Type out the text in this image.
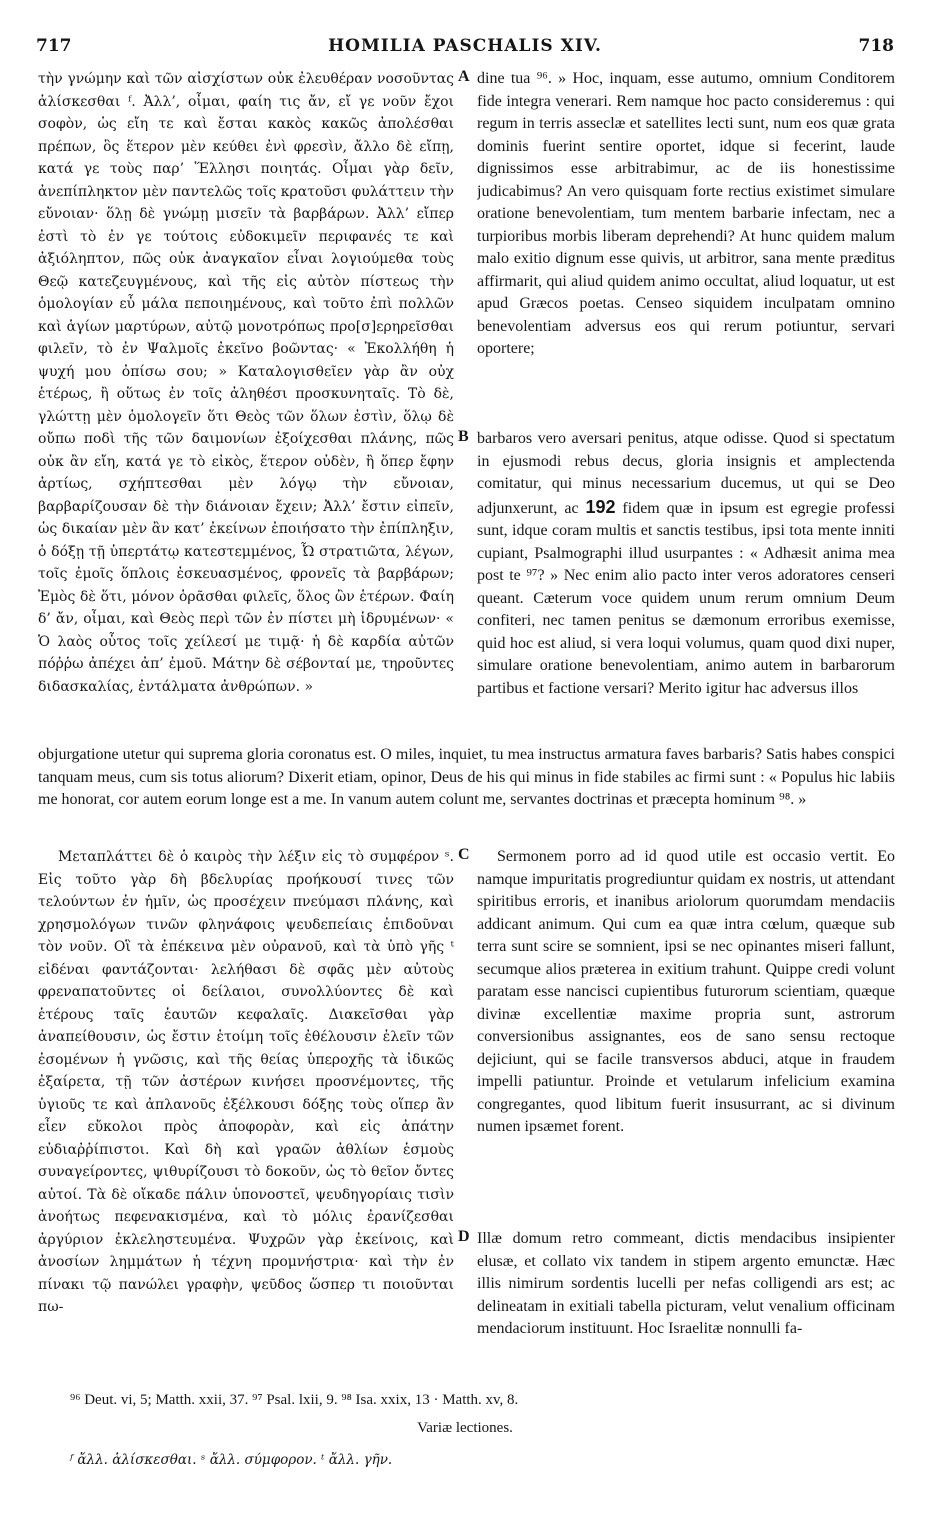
717	HOMILIA PASCHALIS XIV.	718

τὴν γνώμην καὶ τῶν αἰσχίστων οὐκ ἐλευθέραν νοσοῦντας ἁλίσκεσθαι ᶠ. Ἀλλ’, οἶμαι, φαίη τις ἄν, εἴ γε νοῦν ἔχοι σοφὸν, ὡς εἴη τε καὶ ἔσται κακὸς κακῶς ἀπολέσθαι πρέπων, ὃς ἕτερον μὲν κεύθει ἐνὶ φρεσὶν, ἄλλο δὲ εἴπῃ, κατά γε τοὺς παρ’ Ἕλλησι ποιητάς. Οἶμαι γὰρ δεῖν, ἀνεπίπληκτον μὲν παντελῶς τοῖς κρατοῦσι φυλάττειν τὴν εὔνοιαν· ὅλῃ δὲ γνώμῃ μισεῖν τὰ βαρβάρων. Ἀλλ’ εἴπερ ἐστὶ τὸ ἐν γε τούτοις εὐδοκιμεῖν περιφανές τε καὶ ἀξιόληπτον, πῶς οὐκ ἀναγκαῖον εἶναι λογιούμεθα τοὺς Θεῷ κατεζευγμένους, καὶ τῆς εἰς αὐτὸν πίστεως τὴν ὁμολογίαν εὖ μάλα πεποιημένους, καὶ τοῦτο ἐπὶ πολλῶν καὶ ἁγίων μαρτύρων, αὐτῷ μονοτρόπως προ[σ]ερηρεῖσθαι φιλεῖν, τὸ ἐν Ψαλμοῖς ἐκεῖνο βοῶντας· « Ἐκολλήθη ἡ ψυχή μου ὀπίσω σου; » Καταλογισθεῖεν γὰρ ἂν οὐχ ἑτέρως, ἢ οὕτως ἐν τοῖς ἀληθέσι προσκυνηταῖς. Τὸ δὲ, γλώττῃ μὲν ὁμολογεῖν ὅτι Θεὸς τῶν ὅλων ἐστὶν, ὅλῳ δὲ οὔπω ποδὶ τῆς τῶν δαιμονίων ἐξοίχεσθαι πλάνης, πῶς οὐκ ἂν εἴη, κατά γε τὸ εἰκὸς, ἕτερον οὐδὲν, ἢ ὅπερ ἔφην ἀρτίως, σχήπτεσθαι μὲν λόγῳ τὴν εὔνοιαν, βαρβαρίζουσαν δὲ τὴν διάνοιαν ἔχειν; Ἀλλ’ ἔστιν εἰπεῖν, ὡς δικαίαν μὲν ἂν κατ’ ἐκείνων ἐποιήσατο τὴν ἐπίπληξιν, ὁ δόξῃ τῇ ὑπερτάτῳ κατεστεμμένος, Ὦ στρατιῶτα, λέγων, τοῖς ἐμοῖς ὅπλοις ἐσκευασμένος, φρονεῖς τὰ βαρβάρων; Ἐμὸς δὲ ὅτι, μόνον ὁρᾶσθαι φιλεῖς, ὅλος ὢν ἑτέρων. Φαίη δ’ ἄν, οἶμαι, καὶ Θεὸς περὶ τῶν ἐν πίστει μὴ ἱδρυμένων· « Ὁ λαὸς οὗτος τοῖς χείλεσί με τιμᾷ· ἡ δὲ καρδία αὐτῶν πόῤῥω ἀπέχει ἀπ’ ἐμοῦ. Μάτην δὲ σέβονταί με, τηροῦντες διδασκαλίας, ἐντάλματα ἀνθρώπων. »

A
B

dine tua ⁹⁶. » Hoc, inquam, esse autumo, omnium Conditorem fide integra venerari. Rem namque hoc pacto consideremus : qui regum in terris asseclæ et satellites lecti sunt, num eos quæ grata dominis fuerint sentire oportet, idque si fecerint, laude dignissimos esse arbitrabimur, ac de iis honestissime judicabimus? An vero quisquam forte rectius existimet simulare oratione benevolentiam, tum mentem barbarie infectam, nec a turpioribus morbis liberam deprehendi? At hunc quidem malum malo exitio dignum esse quivis, ut arbitror, sana mente præditus affirmarit, qui aliud quidem animo occultat, aliud loquatur, ut est apud Græcos poetas. Censeo siquidem inculpatam omnino benevolentiam adversus eos qui rerum potiuntur, servari oportere;

barbaros vero aversari penitus, atque odisse. Quod si spectatum in ejusmodi rebus decus, gloria insignis et amplectenda comitatur, qui minus necessarium ducemus, ut qui se Deo adjunxerunt, ac 192 fidem quæ in ipsum est egregie professi sunt, idque coram multis et sanctis testibus, ipsi tota mente inniti cupiant, Psalmographi illud usurpantes : « Adhæsit anima mea post te ⁹⁷? » Nec enim alio pacto inter veros adoratores censeri queant. Cæterum voce quidem unum rerum omnium Deum confiteri, nec tamen penitus se dæmonum erroribus exemisse, quid hoc est aliud, si vera loqui volumus, quam quod dixi nuper, simulare oratione benevolentiam, animo autem in barbarorum partibus et factione versari? Merito igitur hac adversus illos

objurgatione utetur qui suprema gloria coronatus est. O miles, inquiet, tu mea instructus armatura faves barbaris? Satis habes conspici tanquam meus, cum sis totus aliorum? Dixerit etiam, opinor, Deus de his qui minus in fide stabiles ac firmi sunt : « Populus hic labiis me honorat, cor autem eorum longe est a me. In vanum autem colunt me, servantes doctrinas et præcepta hominum ⁹⁸. »

Μεταπλάττει δὲ ὁ καιρὸς τὴν λέξιν εἰς τὸ συμφέρον ˢ. Εἰς τοῦτο γὰρ δὴ βδελυρίας προήκουσί τινες τῶν τελούντων ἐν ἡμῖν, ὡς προσέχειν πνεύμασι πλάνης, καὶ χρησμολόγων τινῶν φληνάφοις ψευδεπείαις ἐπιδοῦναι τὸν νοῦν. Οἳ τὰ ἐπέκεινα μὲν οὐρανοῦ, καὶ τὰ ὑπὸ γῆς ᵗ εἰδέναι φαντάζονται· λελήθασι δὲ σφᾶς μὲν αὐτοὺς φρεναπατοῦντες οἱ δείλαιοι, συνολλύοντες δὲ καὶ ἑτέρους ταῖς ἑαυτῶν κεφαλαῖς. Διακεῖσθαι γὰρ ἀναπείθουσιν, ὡς ἔστιν ἑτοίμη τοῖς ἐθέλουσιν ἑλεῖν τῶν ἐσομένων ἡ γνῶσις, καὶ τῆς θείας ὑπεροχῆς τὰ ἰδικῶς ἐξαίρετα, τῇ τῶν ἀστέρων κινήσει προσνέμοντες, τῆς ὑγιοῦς τε καὶ ἀπλανοῦς ἐξέλκουσι δόξης τοὺς οἵπερ ἂν εἶεν εὔκολοι πρὸς ἀποφορὰν, καὶ εἰς ἀπάτην εὐδιαῤῥίπιστοι. Καὶ δὴ καὶ γραῶν ἀθλίων ἑσμοὺς συναγείροντες, ψιθυρίζουσι τὸ δοκοῦν, ὡς τὸ θεῖον ὄντες αὐτοί. Τὰ δὲ οἴκαδε πάλιν ὑπονοστεῖ, ψευδηγορίαις τισὶν ἀνοήτως πεφενακισμένα, καὶ τὸ μόλις ἐρανίζεσθαι ἀργύριον ἐκλεληστευμένα. Ψυχρῶν γὰρ ἐκείνοις, καὶ ἀνοσίων λημμάτων ἡ τέχνη προμνήστρια· καὶ τὴν ἐν πίνακι τῷ πανώλει γραφὴν, ψεῦδος ὥσπερ τι ποιοῦνται πω-

C
D

Sermonem porro ad id quod utile est occasio vertit. Eo namque impuritatis progrediuntur quidam ex nostris, ut attendant spiritibus erroris, et inanibus ariolorum quorumdam mendaciis addicant animum. Qui cum ea quæ intra cœlum, quæque sub terra sunt scire se somnient, ipsi se nec opinantes miseri fallunt, secumque alios præterea in exitium trahunt. Quippe credi volunt paratam esse nancisci cupientibus futurorum scientiam, quæque divinæ excellentiæ maxime propria sunt, astrorum conversionibus assignantes, eos de sano sensu rectoque dejiciunt, qui se facile transversos abduci, atque in fraudem impelli patiuntur. Proinde et vetularum infelicium examina congregantes, quod libitum fuerit insusurrant, ac si divinum numen ipsæmet forent.

Illæ domum retro commeant, dictis mendacibus insipienter elusæ, et collato vix tandem in stipem argento emunctæ. Hæc illis nimirum sordentis lucelli per nefas colligendi ars est; ac delineatam in exitiali tabella picturam, velut venalium officinam mendaciorum instituunt. Hoc Israelitæ nonnulli fa-

⁹⁶ Deut. vi, 5; Matth. xxii, 37. ⁹⁷ Psal. lxii, 9. ⁹⁸ Isa. xxix, 13 · Matth. xv, 8.
Variæ lectiones.
ᶠ ἄλλ. ἁλίσκεσθαι. ˢ ἄλλ. σύμφορον. ᵗ ἄλλ. γῆν.
